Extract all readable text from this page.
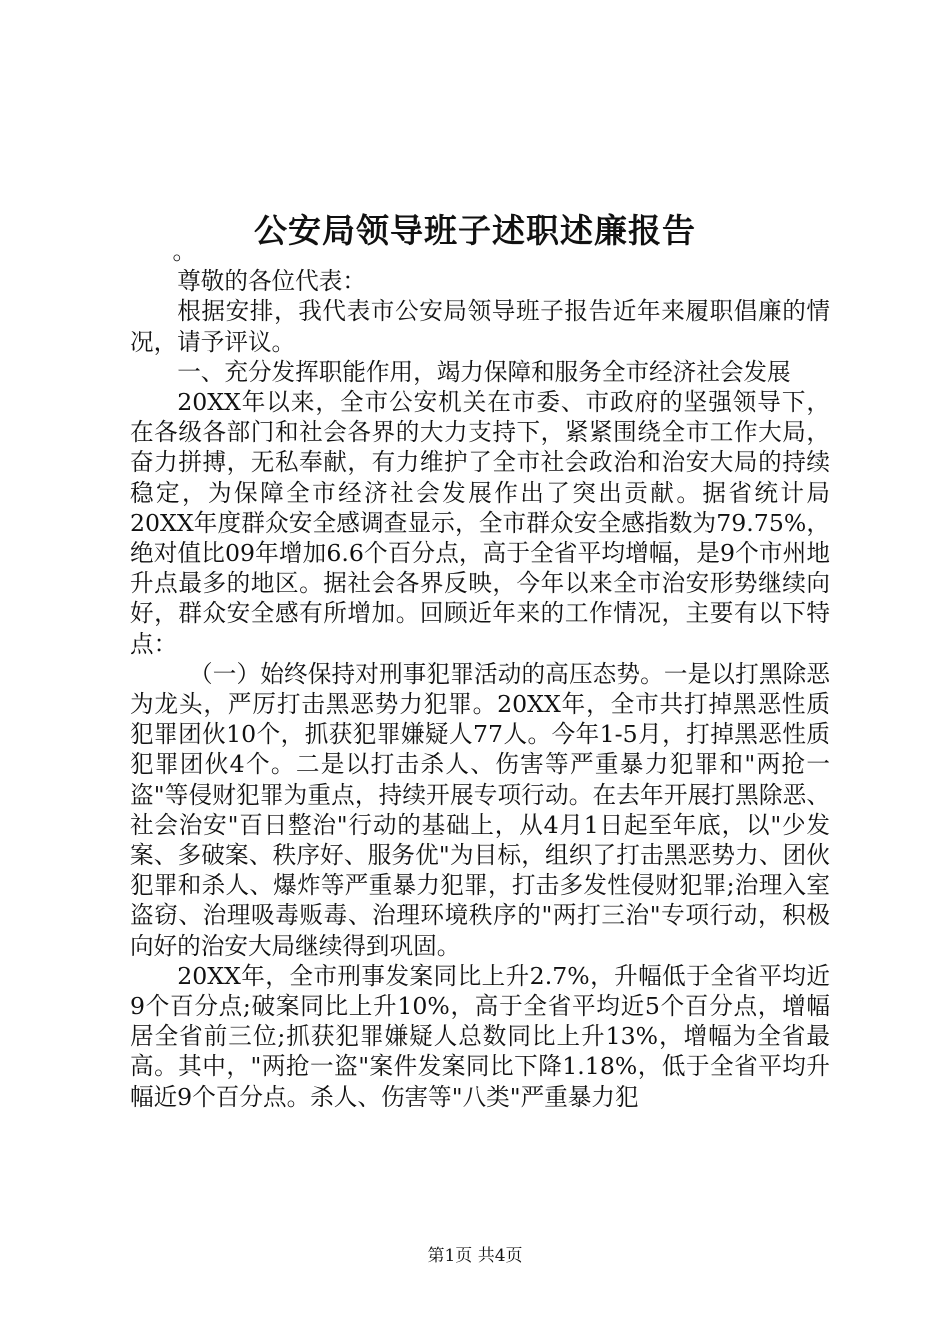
公安局领导班子述职述廉报告

。

尊敬的各位代表：

根据安排，我代表市公安局领导班子报告近年来履职倡廉的情况，请予评议。

一、充分发挥职能作用，竭力保障和服务全市经济社会发展

20XX年以来，全市公安机关在市委、市政府的坚强领导下，在各级各部门和社会各界的大力支持下，紧紧围绕全市工作大局，奋力拼搏，无私奉献，有力维护了全市社会政治和治安大局的持续稳定，为保障全市经济社会发展作出了突出贡献。据省统计局20XX年度群众安全感调查显示，全市群众安全感指数为79.75%，绝对值比09年增加6.6个百分点，高于全省平均增幅，是9个市州地升点最多的地区。据社会各界反映，今年以来全市治安形势继续向好，群众安全感有所增加。回顾近年来的工作情况，主要有以下特点：

（一）始终保持对刑事犯罪活动的高压态势。一是以打黑除恶为龙头，严厉打击黑恶势力犯罪。20XX年，全市共打掉黑恶性质犯罪团伙10个，抓获犯罪嫌疑人77人。今年1-5月，打掉黑恶性质犯罪团伙4个。二是以打击杀人、伤害等严重暴力犯罪和"两抢一盗"等侵财犯罪为重点，持续开展专项行动。在去年开展打黑除恶、社会治安"百日整治"行动的基础上，从4月1日起至年底，以"少发案、多破案、秩序好、服务优"为目标，组织了打击黑恶势力、团伙犯罪和杀人、爆炸等严重暴力犯罪，打击多发性侵财犯罪;治理入室盗窃、治理吸毒贩毒、治理环境秩序的"两打三治"专项行动，积极向好的治安大局继续得到巩固。

20XX年，全市刑事发案同比上升2.7%，升幅低于全省平均近9个百分点;破案同比上升10%，高于全省平均近5个百分点，增幅居全省前三位;抓获犯罪嫌疑人总数同比上升13%，增幅为全省最高。其中，"两抢一盗"案件发案同比下降1.18%，低于全省平均升幅近9个百分点。杀人、伤害等"八类"严重暴力犯

第1页 共4页
